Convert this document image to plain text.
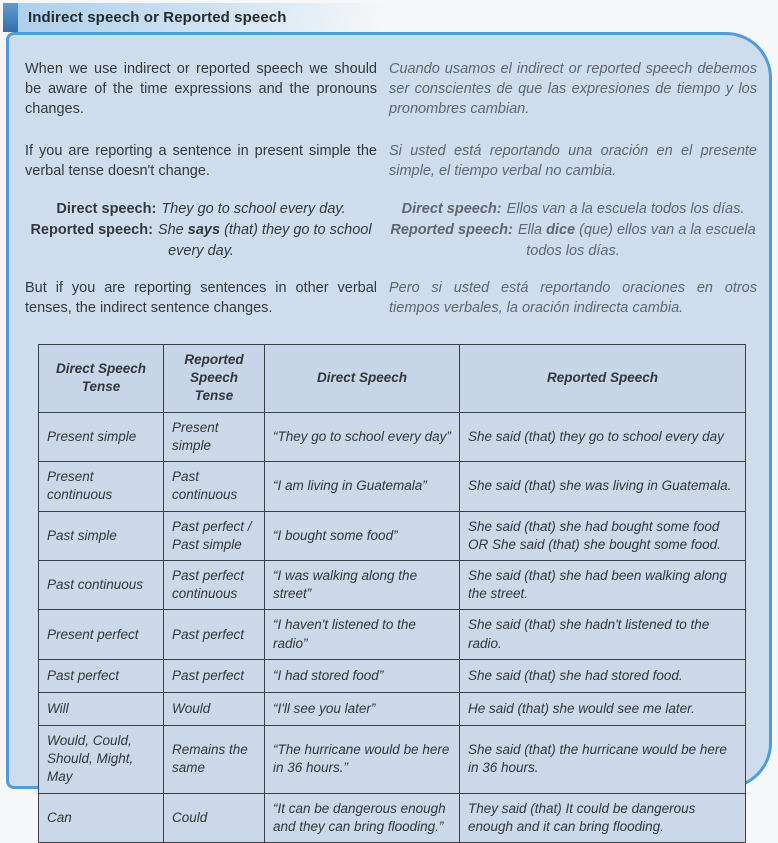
Indirect speech or Reported speech

When we use indirect or reported speech we should be aware of the time expressions and the pronouns changes.

Cuando usamos el indirect or reported speech debemos ser conscientes de que las expresiones de tiempo y los pronombres cambian.

If you are reporting a sentence in present simple the verbal tense doesn't change.

Si usted está reportando una oración en el presente simple, el tiempo verbal no cambia.

Direct speech: They go to school every day.
Reported speech: She says (that) they go to school every day.
Direct speech: Ellos van a la escuela todos los días.
Reported speech: Ella dice (que) ellos van a la escuela todos los días.

But if you are reporting sentences in other verbal tenses, the indirect sentence changes.

Pero si usted está reportando oraciones en otros tiempos verbales, la oración indirecta cambia.

Direct Speech Tense	Reported Speech Tense	Direct Speech	Reported Speech
Present simple	Present simple	“They go to school every day”	She said (that) they go to school every day
Present continuous	Past continuous	“I am living in Guatemala”	She said (that) she was living in Guatemala.
Past simple	Past perfect / Past simple	“I bought some food”	She said (that) she had bought some food OR She said (that) she bought some food.
Past continuous	Past perfect continuous	“I was walking along the street”	She said (that) she had been walking along the street.
Present perfect	Past perfect	“I haven't listened to the radio”	She said (that) she hadn't listened to the radio.
Past perfect	Past perfect	“I had stored food”	She said (that) she had stored food.
Will	Would	“I'll see you later”	He said (that) she would see me later.
Would, Could, Should, Might, May	Remains the same	“The hurricane would be here in 36 hours.”	She said (that) the hurricane would be here in 36 hours.
Can	Could	“It can be dangerous enough and they can bring flooding.”	They said (that) It could be dangerous enough and it can bring flooding.
